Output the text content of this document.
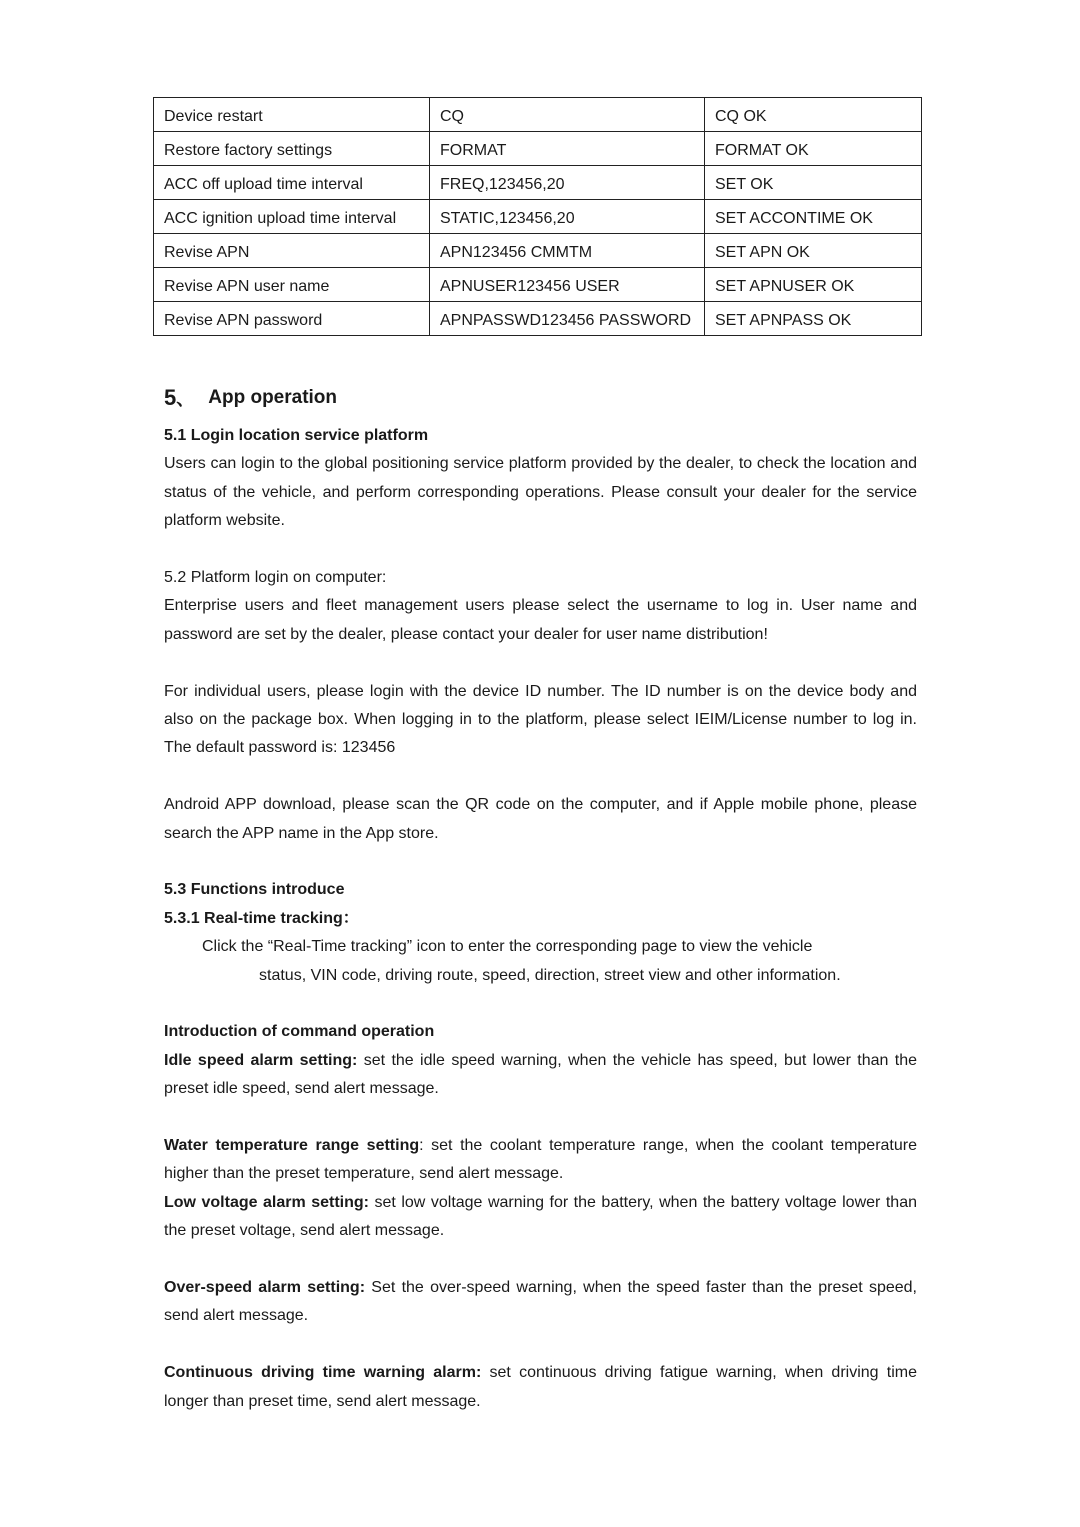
Device restart	CQ	CQ OK
Restore factory settings	FORMAT	FORMAT OK
ACC off upload time interval	FREQ,123456,20	SET OK
ACC ignition upload time interval	STATIC,123456,20	SET ACCONTIME OK
Revise APN	APN123456 CMMTM	SET APN OK
Revise APN user name	APNUSER123456 USER	SET APNUSER OK
Revise APN password	APNPASSWD123456 PASSWORD	SET APNPASS OK
5 、 App operation
5.1 Login location service platform

Users can login to the global positioning service platform provided by the dealer, to check the location and status of the vehicle, and perform corresponding operations. Please consult your dealer for the service platform website.

5.2 Platform login on computer:

Enterprise users and fleet management users please select the username to log in. User name and password are set by the dealer, please contact your dealer for user name distribution!

For individual users, please login with the device ID number. The ID number is on the device body and also on the package box. When logging in to the platform, please select IEIM/License number to log in. The default password is: 123456

Android APP download, please scan the QR code on the computer, and if Apple mobile phone, please search the APP name in the App store.

5.3 Functions introduce
5.3.1 Real-time tracking：

Click the “Real-Time tracking” icon to enter the corresponding page to view the vehicle

status, VIN code, driving route, speed, direction, street view and other information.

Introduction of command operation

Idle speed alarm setting: set the idle speed warning, when the vehicle has speed, but lower than the preset idle speed, send alert message.

Water temperature range setting: set the coolant temperature range, when the coolant temperature higher than the preset temperature, send alert message.

Low voltage alarm setting: set low voltage warning for the battery, when the battery voltage lower than the preset voltage, send alert message.

Over-speed alarm setting: Set the over-speed warning, when the speed faster than the preset speed, send alert message.

Continuous driving time warning alarm: set continuous driving fatigue warning, when driving time longer than preset time, send alert message.
